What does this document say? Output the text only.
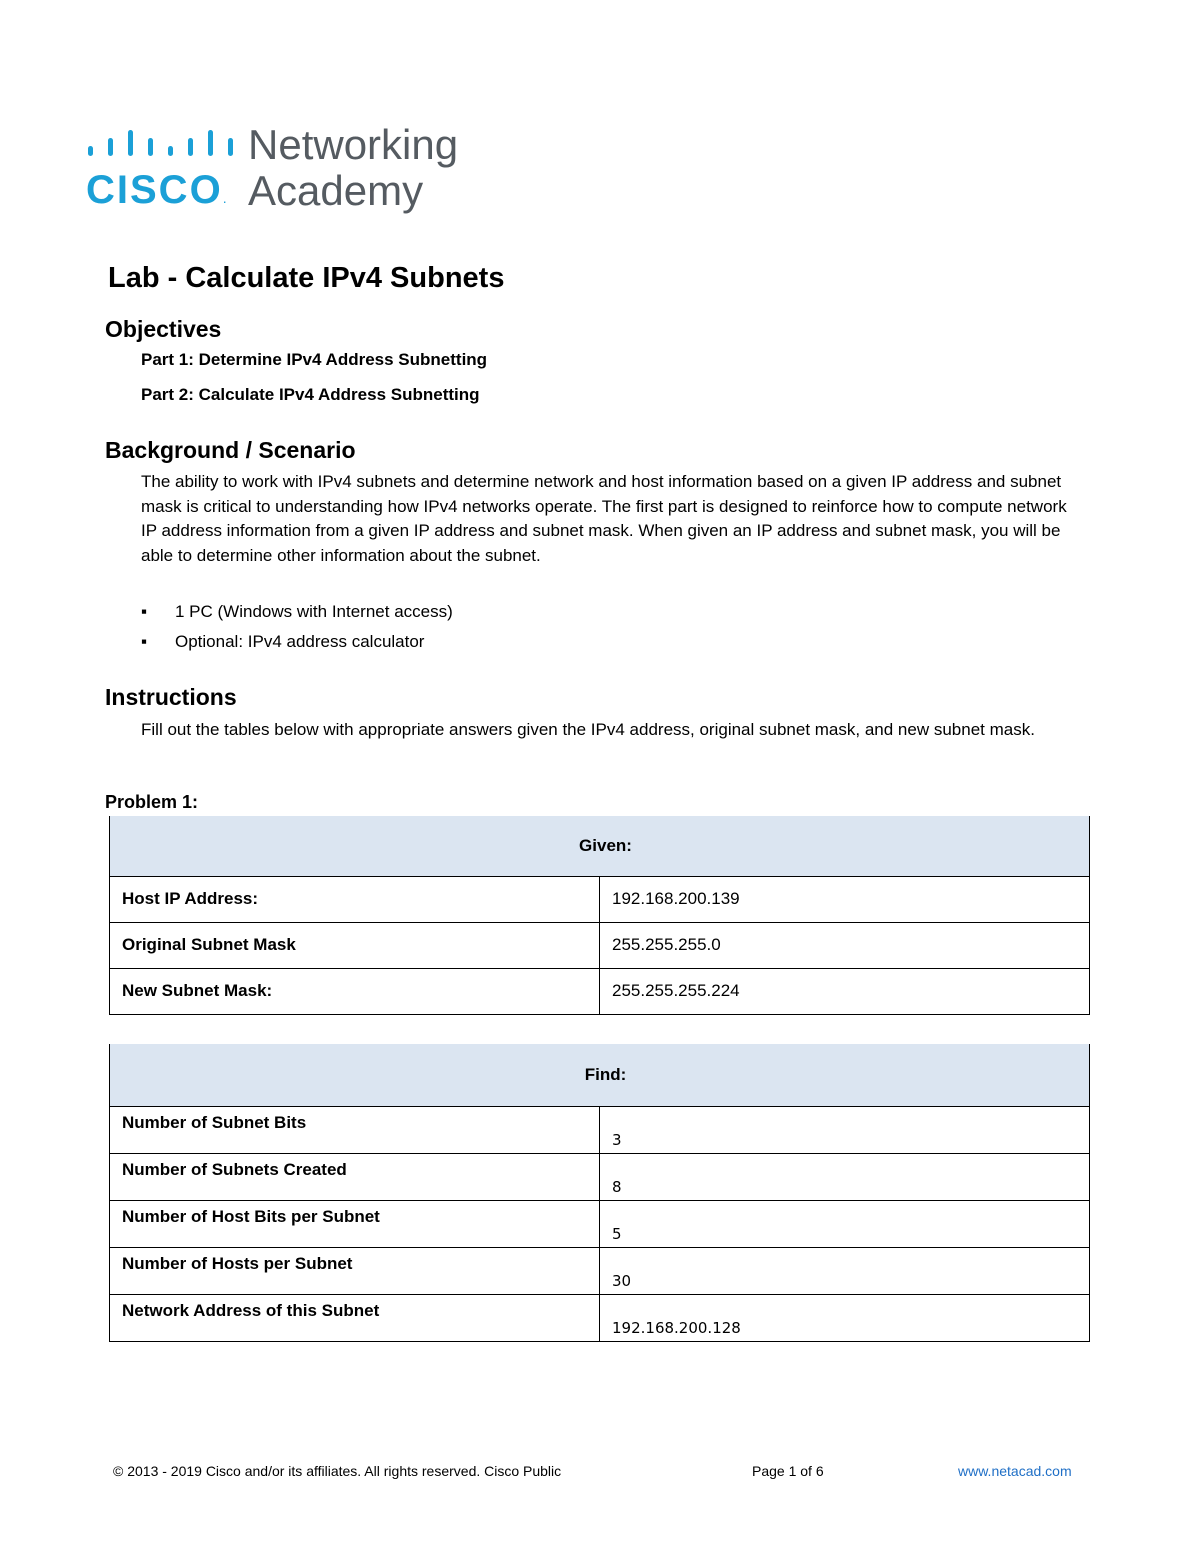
CISCO.
Networking
Academy
Lab - Calculate IPv4 Subnets
Objectives
Part 1: Determine IPv4 Address Subnetting
Part 2: Calculate IPv4 Address Subnetting
Background / Scenario
The ability to work with IPv4 subnets and determine network and host information based on a given IP address and subnet mask is critical to understanding how IPv4 networks operate. The first part is designed to reinforce how to compute network IP address information from a given IP address and subnet mask. When given an IP address and subnet mask, you will be able to determine other information about the subnet.
▪ 1 PC (Windows with Internet access)
▪ Optional: IPv4 address calculator
Instructions
Fill out the tables below with appropriate answers given the IPv4 address, original subnet mask, and new subnet mask.
Problem 1:
Given:	
Host IP Address:	192.168.200.139
Original Subnet Mask	255.255.255.0
New Subnet Mask:	255.255.255.224
Find:	
Number of Subnet Bits	3
Number of Subnets Created	8
Number of Host Bits per Subnet	5
Number of Hosts per Subnet	30
Network Address of this Subnet	192.168.200.128
© 2013 - 2019 Cisco and/or its affiliates. All rights reserved. Cisco Public	Page 1 of 6	www.netacad.com
